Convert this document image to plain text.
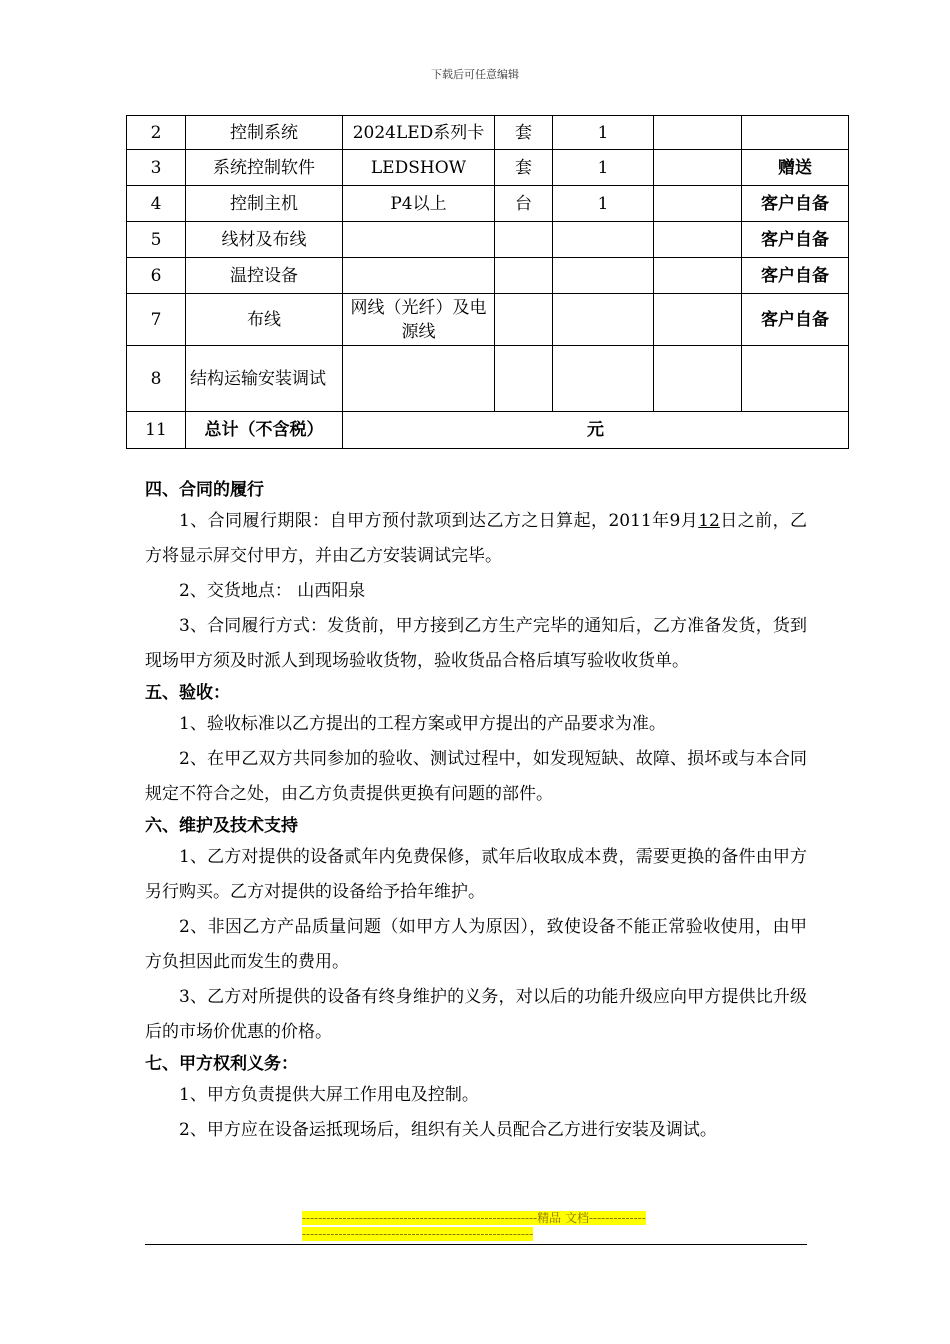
下载后可任意编辑
2	控制系统	2024LED系列卡	套	1		
3	系统控制软件	LEDSHOW	套	1		赠送
4	控制主机	P4以上	台	1		客户自备
5	线材及布线					客户自备
6	温控设备					客户自备
7	布线	网线（光纤）及电源线				客户自备
8	结构运输安装调试					
11	总计（不含税）	元				
四、合同的履行

1、合同履行期限：自甲方预付款项到达乙方之日算起，2011年9月12日之前，乙方将显示屏交付甲方，并由乙方安装调试完毕。

2、交货地点： 山西阳泉

3、合同履行方式：发货前，甲方接到乙方生产完毕的通知后，乙方准备发货，货到现场甲方须及时派人到现场验收货物，验收货品合格后填写验收收货单。

五、验收：

1、验收标准以乙方提出的工程方案或甲方提出的产品要求为准。

2、在甲乙双方共同参加的验收、测试过程中，如发现短缺、故障、损坏或与本合同规定不符合之处，由乙方负责提供更换有问题的部件。

六、维护及技术支持

1、乙方对提供的设备贰年内免费保修，贰年后收取成本费，需要更换的备件由甲方另行购买。乙方对提供的设备给予拾年维护。

2、非因乙方产品质量问题（如甲方人为原因），致使设备不能正常验收使用，由甲方负担因此而发生的费用。

3、乙方对所提供的设备有终身维护的义务，对以后的功能升级应向甲方提供比升级后的市场价优惠的价格。

七、甲方权利义务：

1、甲方负责提供大屏工作用电及控制。

2、甲方应在设备运抵现场后，组织有关人员配合乙方进行安装及调试。

----------------------------------------------------------精品 文档-----------------------------------------------------------------------
